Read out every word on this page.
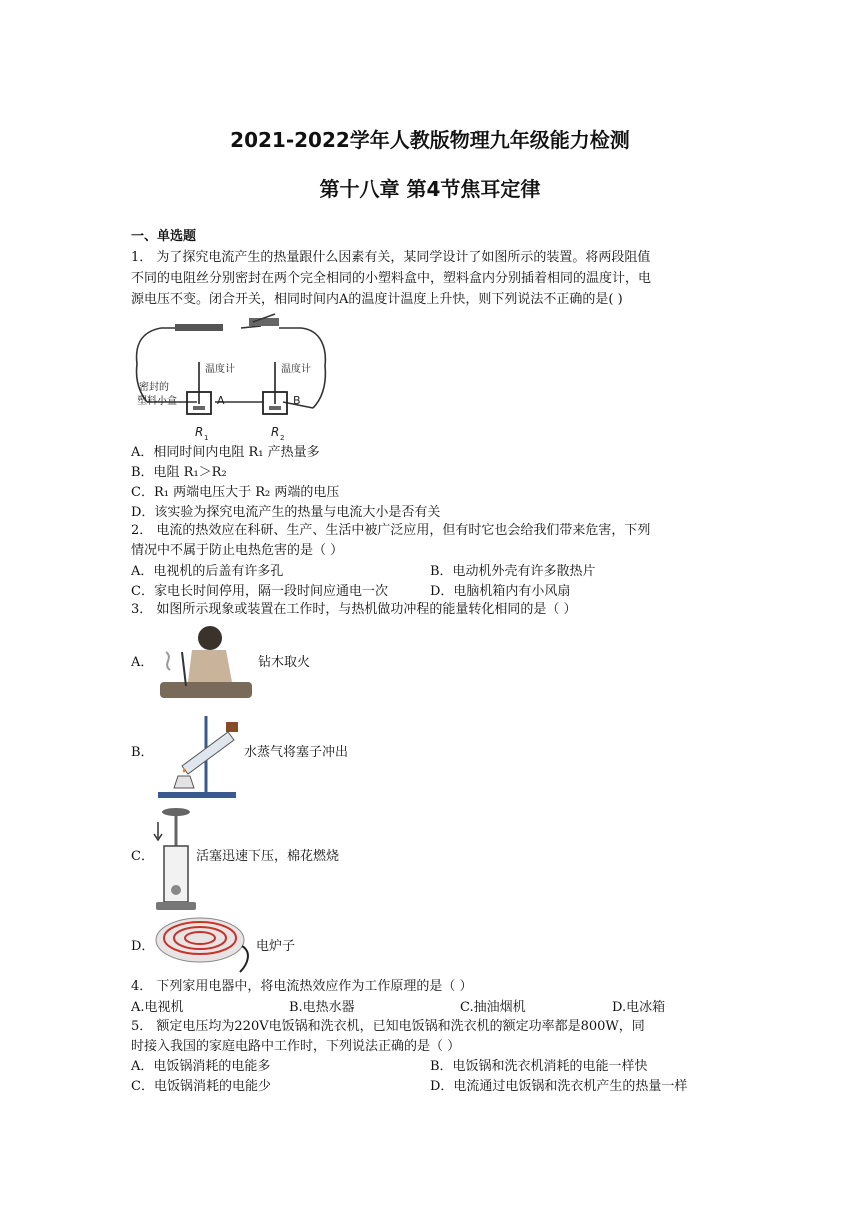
2021-2022学年人教版物理九年级能力检测
第十八章 第4节焦耳定律
一、单选题
1． 为了探究电流产生的热量跟什么因素有关，某同学设计了如图所示的装置。将两段阻值
不同的电阻丝分别密封在两个完全相同的小塑料盒中，塑料盒内分别插着相同的温度计，电
源电压不变。闭合开关，相同时间内A的温度计温度上升快，则下列说法不正确的是( )
温度计	温度计
密封的
塑料小盒	A	B
R 1	R 2
A．相同时间内电阻 R₁ 产热量多
B．电阻 R₁＞R₂
C．R₁ 两端电压大于 R₂ 两端的电压
D．该实验为探究电流产生的热量与电流大小是否有关
2． 电流的热效应在科研、生产、生活中被广泛应用，但有时它也会给我们带来危害，下列
情况中不属于防止电热危害的是（ ）
A．电视机的后盖有许多孔	B．电动机外壳有许多散热片
C．家电长时间停用，隔一段时间应通电一次	D．电脑机箱内有小风扇
3． 如图所示现象或装置在工作时，与热机做功冲程的能量转化相同的是（ ）
A．	钻木取火
B．	水蒸气将塞子冲出
C．	活塞迅速下压，棉花燃烧
D．	电炉子
4． 下列家用电器中，将电流热效应作为工作原理的是（ ）
A.电视机	B.电热水器	C.抽油烟机	D.电冰箱
5． 额定电压均为220V电饭锅和洗衣机，已知电饭锅和洗衣机的额定功率都是800W，同
时接入我国的家庭电路中工作时，下列说法正确的是（ ）
A．电饭锅消耗的电能多	B．电饭锅和洗衣机消耗的电能一样快
C．电饭锅消耗的电能少	D．电流通过电饭锅和洗衣机产生的热量一样
